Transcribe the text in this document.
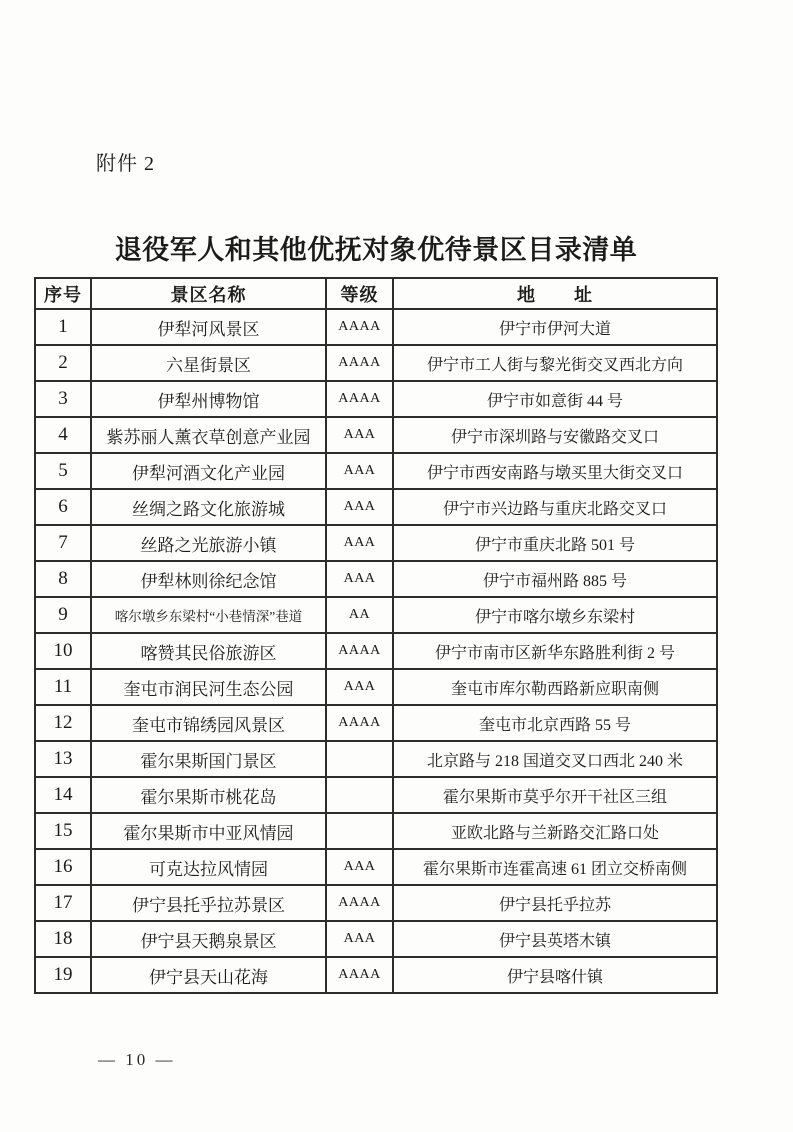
附件 2
退役军人和其他优抚对象优待景区目录清单
序号	景区名称	等级	地　　址
1	伊犁河风景区	AAAA	伊宁市伊河大道
2	六星街景区	AAAA	伊宁市工人街与黎光街交叉西北方向
3	伊犁州博物馆	AAAA	伊宁市如意街 44 号
4	紫苏丽人薰衣草创意产业园	AAA	伊宁市深圳路与安徽路交叉口
5	伊犁河酒文化产业园	AAA	伊宁市西安南路与墩买里大街交叉口
6	丝绸之路文化旅游城	AAA	伊宁市兴边路与重庆北路交叉口
7	丝路之光旅游小镇	AAA	伊宁市重庆北路 501 号
8	伊犁林则徐纪念馆	AAA	伊宁市福州路 885 号
9	喀尔墩乡东梁村“小巷情深”巷道	AA	伊宁市喀尔墩乡东梁村
10	喀赞其民俗旅游区	AAAA	伊宁市南市区新华东路胜利街 2 号
11	奎屯市润民河生态公园	AAA	奎屯市库尔勒西路新应职南侧
12	奎屯市锦绣园风景区	AAAA	奎屯市北京西路 55 号
13	霍尔果斯国门景区		北京路与 218 国道交叉口西北 240 米
14	霍尔果斯市桃花岛		霍尔果斯市莫乎尔开干社区三组
15	霍尔果斯市中亚风情园		亚欧北路与兰新路交汇路口处
16	可克达拉风情园	AAA	霍尔果斯市连霍高速 61 团立交桥南侧
17	伊宁县托乎拉苏景区	AAAA	伊宁县托乎拉苏
18	伊宁县天鹅泉景区	AAA	伊宁县英塔木镇
19	伊宁县天山花海	AAAA	伊宁县喀什镇
— 10 —
